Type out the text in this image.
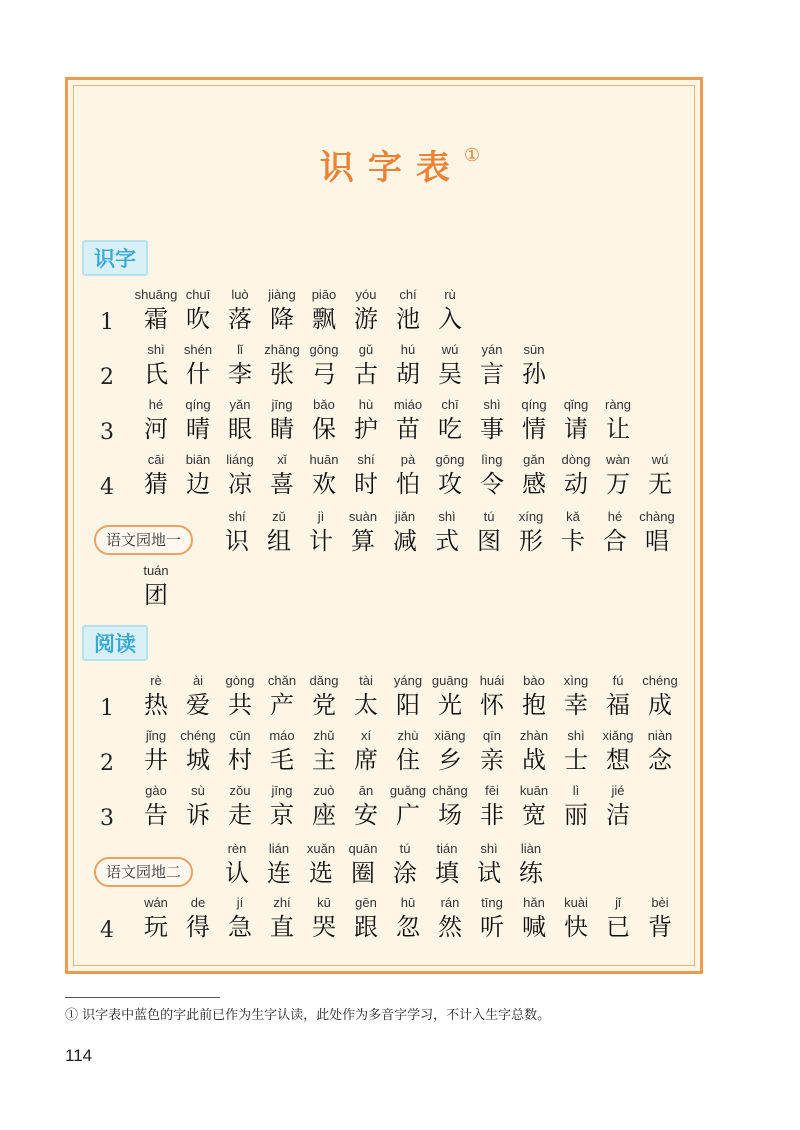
识字表①
识字
1
shuāng
霜
chuī
吹
luò
落
jiàng
降
piāo
飘
yóu
游
chí
池
rù
入
2
shì
氏
shén
什
lǐ
李
zhāng
张
gōng
弓
gǔ
古
hú
胡
wú
吴
yán
言
sūn
孙
3
hé
河
qíng
晴
yǎn
眼
jīng
睛
bǎo
保
hù
护
miáo
苗
chī
吃
shì
事
qíng
情
qǐng
请
ràng
让
4
cāi
猜
biān
边
liáng
凉
xǐ
喜
huān
欢
shí
时
pà
怕
gōng
攻
lìng
令
gǎn
感
dòng
动
wàn
万
wú
无
语文园地一
shí
识
zǔ
组
jì
计
suàn
算
jiǎn
减
shì
式
tú
图
xíng
形
kǎ
卡
hé
合
chàng
唱
tuán
团
阅读
1
rè
热
ài
爱
gòng
共
chǎn
产
dǎng
党
tài
太
yáng
阳
guāng
光
huái
怀
bào
抱
xìng
幸
fú
福
chéng
成
2
jǐng
井
chéng
城
cūn
村
máo
毛
zhǔ
主
xí
席
zhù
住
xiāng
乡
qīn
亲
zhàn
战
shì
士
xiǎng
想
niàn
念
3
gào
告
sù
诉
zǒu
走
jīng
京
zuò
座
ān
安
guǎng
广
chǎng
场
fēi
非
kuān
宽
lì
丽
jié
洁
语文园地二
rèn
认
lián
连
xuǎn
选
quān
圈
tú
涂
tián
填
shì
试
liàn
练
4
wán
玩
de
得
jí
急
zhí
直
kū
哭
gēn
跟
hū
忽
rán
然
tīng
听
hǎn
喊
kuài
快
jǐ
已
bèi
背
① 识字表中蓝色的字此前已作为生字认读，此处作为多音字学习，不计入生字总数。
114
